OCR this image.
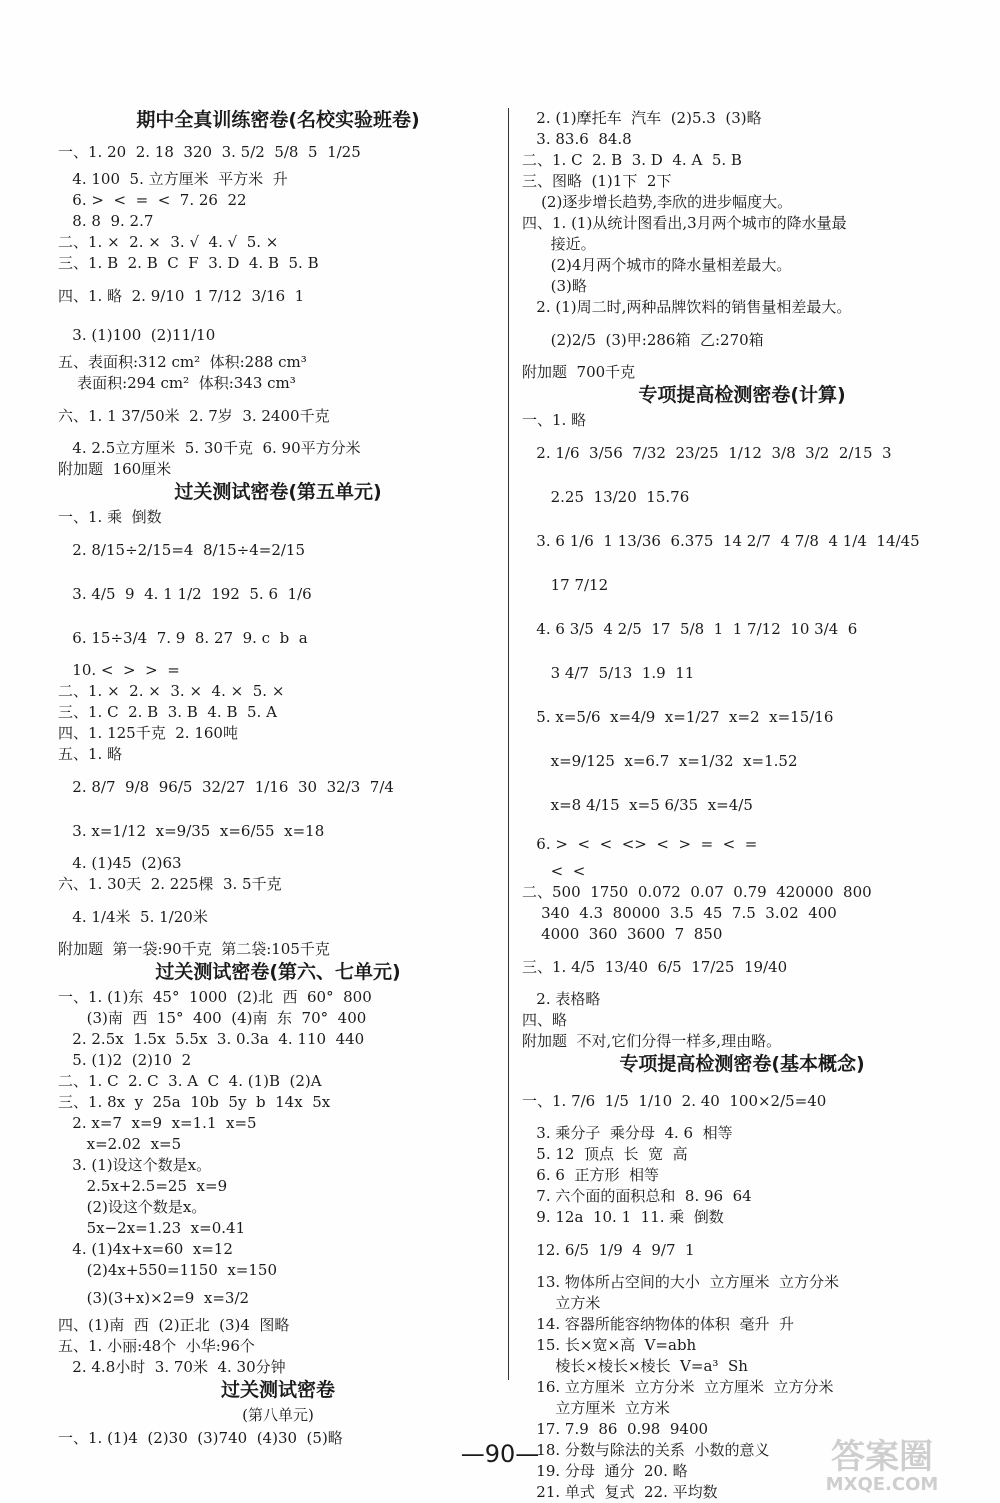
期中全真训练密卷(名校实验班卷)
一、1. 20  2. 18  320  3. 5/2  5/8  5  1/25
4. 100  5. 立方厘米  平方米  升
6. >  <  =  <  7. 26  22
8. 8  9. 2.7
二、1. ×  2. ×  3. √  4. √  5. ×
三、1. B  2. B  C  F  3. D  4. B  5. B
四、1. 略  2. 9/10  1 7/12  3/16  1
3. (1)100  (2)11/10
五、表面积:312 cm²  体积:288 cm³
表面积:294 cm²  体积:343 cm³
六、1. 1 37/50米  2. 7岁  3. 2400千克
4. 2.5立方厘米  5. 30千克  6. 90平方分米
附加题  160厘米
过关测试密卷(第五单元)
一、1. 乘  倒数
2. 8/15÷2/15=4  8/15÷4=2/15
3. 4/5  9  4. 1 1/2  192  5. 6  1/6
6. 15÷3/4  7. 9  8. 27  9. c  b  a
10. <  >  >  =
二、1. ×  2. ×  3. ×  4. ×  5. ×
三、1. C  2. B  3. B  4. B  5. A
四、1. 125千克  2. 160吨
五、1. 略
2. 8/7  9/8  96/5  32/27  1/16  30  32/3  7/4
3. x=1/12  x=9/35  x=6/55  x=18
4. (1)45  (2)63
六、1. 30天  2. 225棵  3. 5千克
4. 1/4米  5. 1/20米
附加题  第一袋:90千克  第二袋:105千克
过关测试密卷(第六、七单元)
一、1. (1)东  45°  1000  (2)北  西  60°  800
(3)南  西  15°  400  (4)南  东  70°  400
2. 2.5x  1.5x  5.5x  3. 0.3a  4. 110  440
5. (1)2  (2)10  2
二、1. C  2. C  3. A  C  4. (1)B  (2)A
三、1. 8x  y  25a  10b  5y  b  14x  5x
2. x=7  x=9  x=1.1  x=5
x=2.02  x=5
3. (1)设这个数是x。
2.5x+2.5=25  x=9
(2)设这个数是x。
5x−2x=1.23  x=0.41
4. (1)4x+x=60  x=12
(2)4x+550=1150  x=150
(3)(3+x)×2=9  x=3/2
四、(1)南  西  (2)正北  (3)4  图略
五、1. 小丽:48个  小华:96个
2. 4.8小时  3. 70米  4. 30分钟
过关测试密卷
(第八单元)
一、1. (1)4  (2)30  (3)740  (4)30  (5)略
2. (1)摩托车  汽车  (2)5.3  (3)略
3. 83.6  84.8
二、1. C  2. B  3. D  4. A  5. B
三、图略  (1)1下  2下
(2)逐步增长趋势,李欣的进步幅度大。
四、1. (1)从统计图看出,3月两个城市的降水量最
接近。
(2)4月两个城市的降水量相差最大。
(3)略
2. (1)周二时,两种品牌饮料的销售量相差最大。
(2)2/5  (3)甲:286箱  乙:270箱
附加题  700千克
专项提高检测密卷(计算)
一、1. 略
2. 1/6  3/56  7/32  23/25  1/12  3/8  3/2  2/15  3
2.25  13/20  15.76
3. 6 1/6  1 13/36  6.375  14 2/7  4 7/8  4 1/4  14/45
17 7/12
4. 6 3/5  4 2/5  17  5/8  1  1 7/12  10 3/4  6
3 4/7  5/13  1.9  11
5. x=5/6  x=4/9  x=1/27  x=2  x=15/16
x=9/125  x=6.7  x=1/32  x=1.52
x=8 4/15  x=5 6/35  x=4/5
6. >  <  <  <>  <  >  =  <  =
<  <
二、500  1750  0.072  0.07  0.79  420000  800
340  4.3  80000  3.5  45  7.5  3.02  400
4000  360  3600  7  850
三、1. 4/5  13/40  6/5  17/25  19/40
2. 表格略
四、略
附加题  不对,它们分得一样多,理由略。
专项提高检测密卷(基本概念)
一、1. 7/6  1/5  1/10  2. 40  100×2/5=40
3. 乘分子  乘分母  4. 6  相等
5. 12  顶点  长  宽  高
6. 6  正方形  相等
7. 六个面的面积总和  8. 96  64
9. 12a  10. 1  11. 乘  倒数
12. 6/5  1/9  4  9/7  1
13. 物体所占空间的大小  立方厘米  立方分米
立方米
14. 容器所能容纳物体的体积  毫升  升
15. 长×宽×高  V=abh
棱长×棱长×棱长  V=a³  Sh
16. 立方厘米  立方分米  立方厘米  立方分米
立方厘米  立方米
17. 7.9  86  0.98  9400
18. 分数与除法的关系  小数的意义
19. 分母  通分  20. 略
21. 单式  复式  22. 平均数
—90—	答案圈
MXQE.COM
